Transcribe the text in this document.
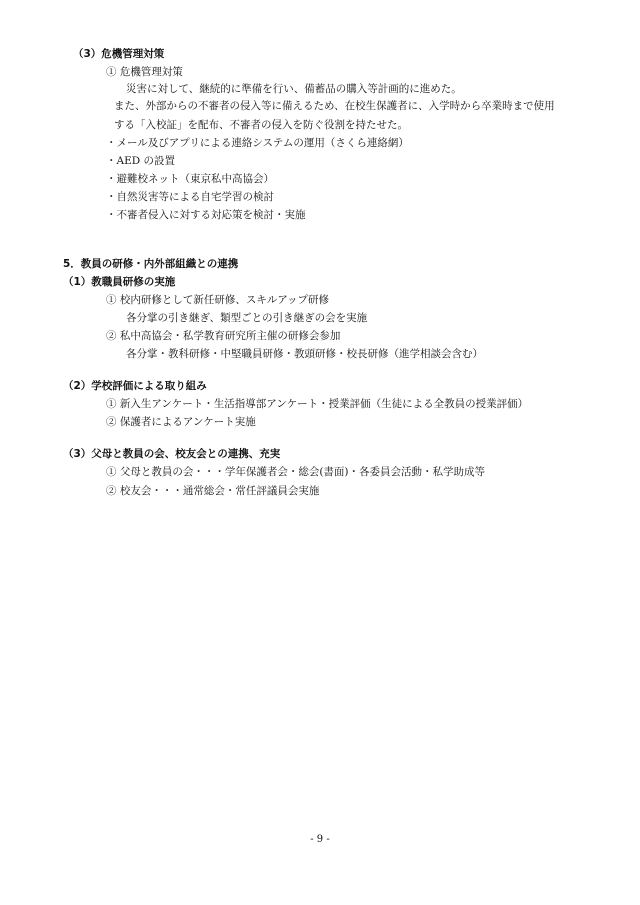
（3）危機管理対策
① 危機管理対策
災害に対して、継続的に準備を行い、備蓄品の購入等計画的に進めた。
また、外部からの不審者の侵入等に備えるため、在校生保護者に、入学時から卒業時まで使用
する「入校証」を配布、不審者の侵入を防ぐ役割を持たせた。
・メール及びアプリによる連絡システムの運用（さくら連絡網）
・AED の設置
・避難校ネット（東京私中高協会）
・自然災害等による自宅学習の検討
・不審者侵入に対する対応策を検討・実施
5．教員の研修・内外部組織との連携
（1）教職員研修の実施
① 校内研修として新任研修、スキルアップ研修
各分掌の引き継ぎ、類型ごとの引き継ぎの会を実施
② 私中高協会・私学教育研究所主催の研修会参加
各分掌・教科研修・中堅職員研修・教頭研修・校長研修（進学相談会含む）
（2）学校評価による取り組み
① 新入生アンケート・生活指導部アンケート・授業評価（生徒による全教員の授業評価）
② 保護者によるアンケート実施
（3）父母と教員の会、校友会との連携、充実
① 父母と教員の会・・・学年保護者会・総会(書面)・各委員会活動・私学助成等
② 校友会・・・通常総会・常任評議員会実施
- 9 -
